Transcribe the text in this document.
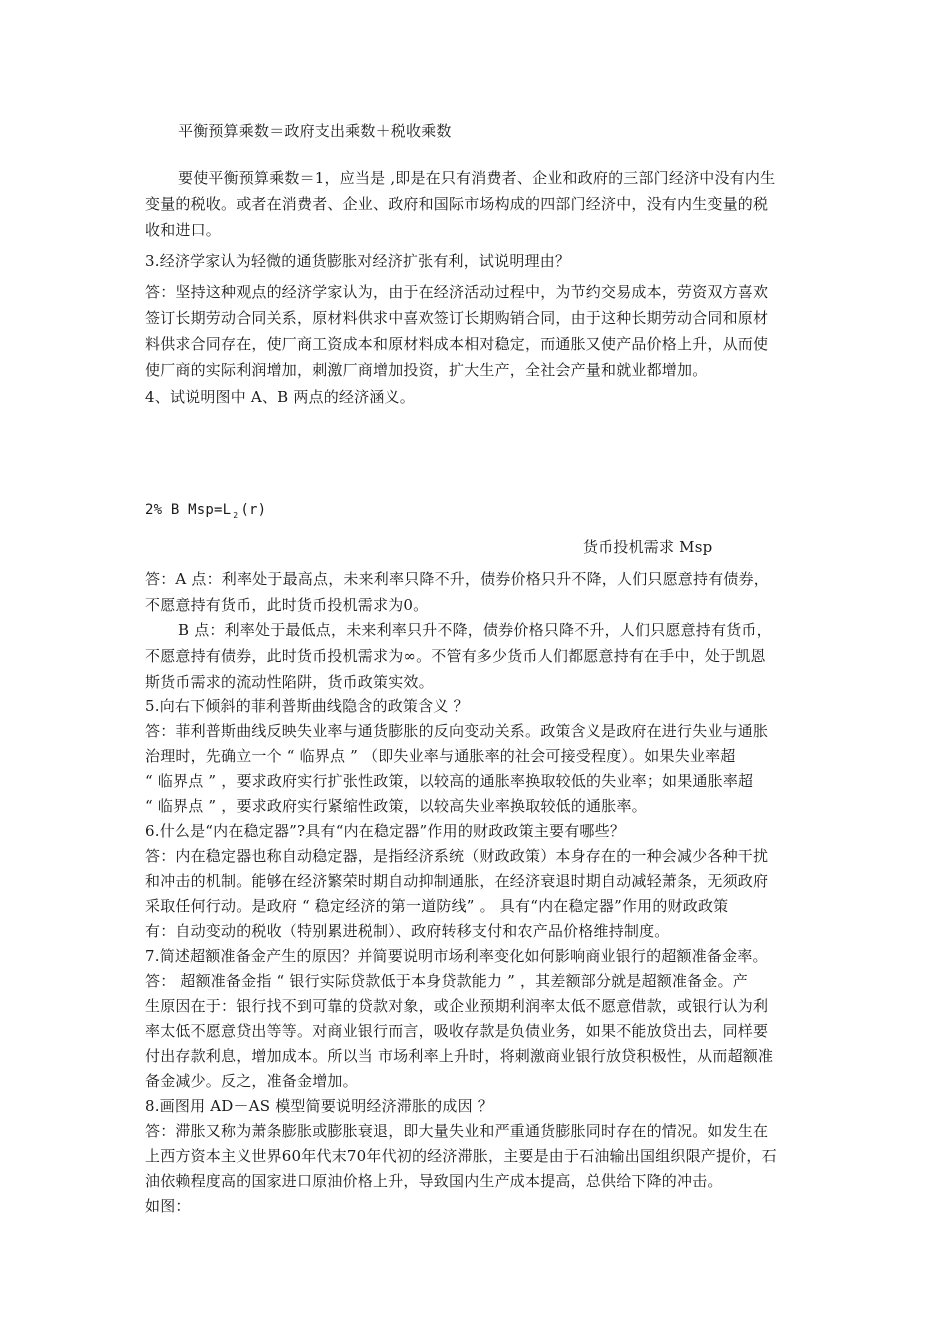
平衡预算乘数＝政府支出乘数＋税收乘数
要使平衡预算乘数＝1，应当是 ,即是在只有消费者、企业和政府的三部门经济中没有内生
变量的税收。或者在消费者、企业、政府和国际市场构成的四部门经济中，没有内生变量的税
收和进口。
3.经济学家认为轻微的通货膨胀对经济扩张有利，试说明理由？
答：坚持这种观点的经济学家认为，由于在经济活动过程中，为节约交易成本，劳资双方喜欢
签订长期劳动合同关系，原材料供求中喜欢签订长期购销合同，由于这种长期劳动合同和原材
料供求合同存在，使厂商工资成本和原材料成本相对稳定，而通胀又使产品价格上升，从而使
使厂商的实际利润增加，刺激厂商增加投资，扩大生产，全社会产量和就业都增加。
4、试说明图中 A、B 两点的经济涵义。
2% B Msp=L $_2$ (r)
货币投机需求 Msp
答：A 点：利率处于最高点，未来利率只降不升，债券价格只升不降，人们只愿意持有债券，
不愿意持有货币，此时货币投机需求为0。
B 点：利率处于最低点，未来利率只升不降，债券价格只降不升，人们只愿意持有货币，
不愿意持有债券，此时货币投机需求为∞。不管有多少货币人们都愿意持有在手中，处于凯恩
斯货币需求的流动性陷阱，货币政策实效。
5.向右下倾斜的菲利普斯曲线隐含的政策含义 ？
答：菲利普斯曲线反映失业率与通货膨胀的反向变动关系。政策含义是政府在进行失业与通胀
治理时，先确立一个 “ 临界点 ” （即失业率与通胀率的社会可接受程度）。如果失业率超
“ 临界点 ” ，要求政府实行扩张性政策，以较高的通胀率换取较低的失业率；如果通胀率超
“ 临界点 ” ，要求政府实行紧缩性政策，以较高失业率换取较低的通胀率。
6.什么是“内在稳定器”?具有“内在稳定器”作用的财政政策主要有哪些？
答：内在稳定器也称自动稳定器，是指经济系统（财政政策）本身存在的一种会减少各种干扰
和冲击的机制。能够在经济繁荣时期自动抑制通胀，在经济衰退时期自动减轻萧条，无须政府
采取任何行动。是政府 “ 稳定经济的第一道防线” 。 具有“内在稳定器”作用的财政政策
有：自动变动的税收（特别累进税制）、政府转移支付和农产品价格维持制度。
7.简述超额准备金产生的原因？并简要说明市场利率变化如何影响商业银行的超额准备金率。
答： 超额准备金指 “ 银行实际贷款低于本身贷款能力 ” ，其差额部分就是超额准备金。产
生原因在于：银行找不到可靠的贷款对象，或企业预期利润率太低不愿意借款，或银行认为利
率太低不愿意贷出等等。对商业银行而言，吸收存款是负债业务，如果不能放贷出去，同样要
付出存款利息，增加成本。所以当 市场利率上升时，将刺激商业银行放贷积极性，从而超额准
备金减少。反之，准备金增加。
8.画图用 AD－AS 模型简要说明经济滞胀的成因 ？
答：滞胀又称为萧条膨胀或膨胀衰退，即大量失业和严重通货膨胀同时存在的情况。如发生在
上西方资本主义世界60年代末70年代初的经济滞胀，主要是由于石油输出国组织限产提价，石
油依赖程度高的国家进口原油价格上升，导致国内生产成本提高，总供给下降的冲击。
如图：
